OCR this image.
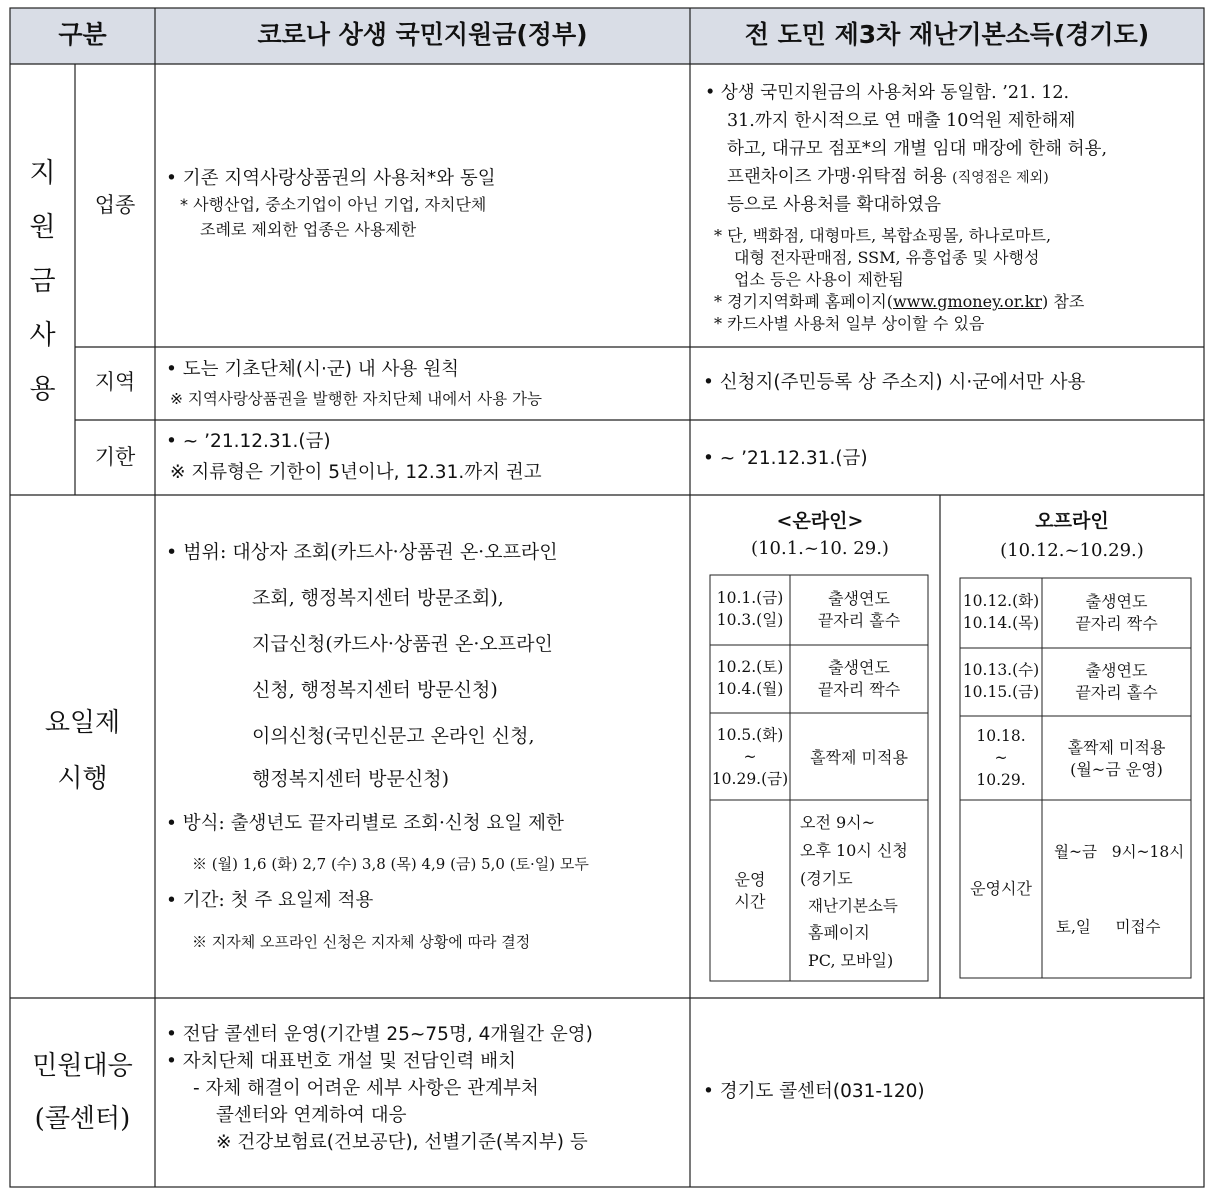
구분	코로나 상생 국민지원금(정부)	전 도민 제3차 재난기본소득(경기도)
지
원
금
사
용
업종
지역
기한
• 기존 지역사랑상품권의 사용처*와 동일
* 사행산업, 중소기업이 아닌 기업, 자치단체
조례로 제외한 업종은 사용제한
• 상생 국민지원금의 사용처와 동일함. ’21. 12.
31.까지 한시적으로 연 매출 10억원 제한해제
하고, 대규모 점포*의 개별 임대 매장에 한해 허용,
프랜차이즈 가맹·위탁점 허용 (직영점은 제외)
등으로 사용처를 확대하였음
* 단, 백화점, 대형마트, 복합쇼핑몰, 하나로마트,
대형 전자판매점, SSM, 유흥업종 및 사행성
업소 등은 사용이 제한됨
* 경기지역화폐 홈페이지(www.gmoney.or.kr) 참조
* 카드사별 사용처 일부 상이할 수 있음
• 도는 기초단체(시·군) 내 사용 원칙
※ 지역사랑상품권을 발행한 자치단체 내에서 사용 가능
• 신청지(주민등록 상 주소지) 시·군에서만 사용
• ~ ’21.12.31.(금)
※ 지류형은 기한이 5년이나, 12.31.까지 권고
• ~ ’21.12.31.(금)
요일제
시행
• 범위: 대상자 조회(카드사·상품권 온·오프라인
조회, 행정복지센터 방문조회),
지급신청(카드사·상품권 온·오프라인
신청, 행정복지센터 방문신청)
이의신청(국민신문고 온라인 신청,
행정복지센터 방문신청)
• 방식: 출생년도 끝자리별로 조회·신청 요일 제한
※ (월) 1,6 (화) 2,7 (수) 3,8 (목) 4,9 (금) 5,0 (토·일) 모두
• 기간: 첫 주 요일제 적용
※ 지자체 오프라인 신청은 지자체 상황에 따라 결정
<온라인>
(10.1.~10. 29.)
10.1.(금)
10.3.(일)
출생연도
끝자리 홀수
10.2.(토)
10.4.(월)
출생연도
끝자리 짝수
10.5.(화)
~
10.29.(금)
홀짝제 미적용
운영
시간
오전 9시~
오후 10시 신청
(경기도
재난기본소득
홈페이지
PC, 모바일)
오프라인
(10.12.~10.29.)
10.12.(화)
10.14.(목)
출생연도
끝자리 짝수
10.13.(수)
10.15.(금)
출생연도
끝자리 홀수
10.18.
~
10.29.
홀짝제 미적용
(월~금 운영)
운영시간
월~금   9시~18시
토,일     미접수
민원대응
(콜센터)
• 전담 콜센터 운영(기간별 25~75명, 4개월간 운영)
• 자치단체 대표번호 개설 및 전담인력 배치
- 자체 해결이 어려운 세부 사항은 관계부처
콜센터와 연계하여 대응
※ 건강보험료(건보공단), 선별기준(복지부) 등
• 경기도 콜센터(031-120)
